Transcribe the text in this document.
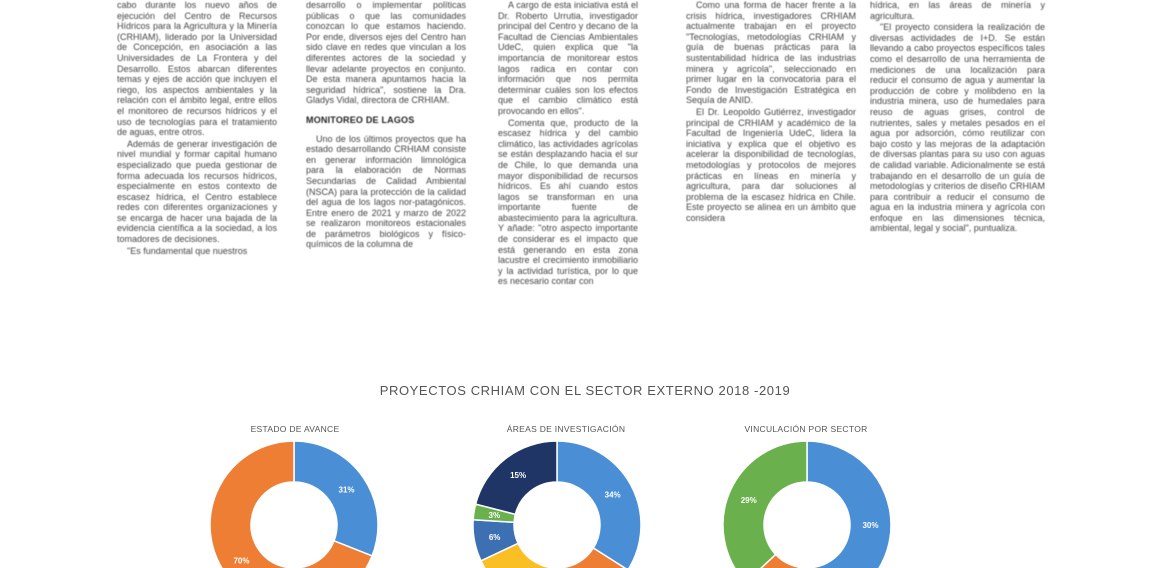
cabo durante los nuevo años de ejecución del Centro de Recursos Hídricos para la Agricultura y la Minería (CRHIAM), liderado por la Universidad de Concepción, en asociación a las Universidades de La Frontera y del Desarrollo. Estos abarcan diferentes temas y ejes de acción que incluyen el riego, los aspectos ambientales y la relación con el ámbito legal, entre ellos el monitoreo de recursos hídricos y el uso de tecnologías para el tratamiento de aguas, entre otros.

Además de generar investigación de nivel mundial y formar capital humano especializado que pueda gestionar de forma adecuada los recursos hídricos, especialmente en estos contexto de escasez hídrica, el Centro establece redes con diferentes organizaciones y se encarga de hacer una bajada de la evidencia científica a la sociedad, a los tomadores de decisiones.

"Es fundamental que nuestros

desarrollo o implementar políticas públicas o que las comunidades conozcan lo que estamos haciendo. Por ende, diversos ejes del Centro han sido clave en redes que vinculan a los diferentes actores de la sociedad y llevar adelante proyectos en conjunto. De esta manera apuntamos hacia la seguridad hídrica", sostiene la Dra. Gladys Vidal, directora de CRHIAM.

MONITOREO DE LAGOS

Uno de los últimos proyectos que ha estado desarrollando CRHIAM consiste en generar información limnológica para la elaboración de Normas Secundarias de Calidad Ambiental (NSCA) para la protección de la calidad del agua de los lagos nor-patagónicos. Entre enero de 2021 y marzo de 2022 se realizaron monitoreos estacionales de parámetros biológicos y físico-químicos de la columna de

A cargo de esta iniciativa está el Dr. Roberto Urrutia, investigador principal del Centro y decano de la Facultad de Ciencias Ambientales UdeC, quien explica que "la importancia de monitorear estos lagos radica en contar con información que nos permita determinar cuáles son los efectos que el cambio climático está provocando en ellos".

Comenta que, producto de la escasez hídrica y del cambio climático, las actividades agrícolas se están desplazando hacia el sur de Chile, lo que demanda una mayor disponibilidad de recursos hídricos. Es ahí cuando estos lagos se transforman en una importante fuente de abastecimiento para la agricultura. Y añade: "otro aspecto importante de considerar es el impacto que está generando en esta zona lacustre el crecimiento inmobiliario y la actividad turística, por lo que es necesario contar con

Como una forma de hacer frente a la crisis hídrica, investigadores CRHIAM actualmente trabajan en el proyecto "Tecnologías, metodologías CRHIAM y guía de buenas prácticas para la sustentabilidad hídrica de las industrias minera y agrícola", seleccionado en primer lugar en la convocatoria para el Fondo de Investigación Estratégica en Sequía de ANID.

El Dr. Leopoldo Gutiérrez, investigador principal de CRHIAM y académico de la Facultad de Ingeniería UdeC, lidera la iniciativa y explica que el objetivo es acelerar la disponibilidad de tecnologías, metodologías y protocolos de mejores prácticas en líneas en minería y agricultura, para dar soluciones al problema de la escasez hídrica en Chile. Este proyecto se alinea en un ámbito que considera

hídrica, en las áreas de minería y agricultura.

"El proyecto considera la realización de diversas actividades de I+D. Se están llevando a cabo proyectos específicos tales como el desarrollo de una herramienta de mediciones de una localización para reducir el consumo de agua y aumentar la producción de cobre y molibdeno en la industria minera, uso de humedales para reuso de aguas grises, control de nutrientes, sales y metales pesados en el agua por adsorción, cómo reutilizar con bajo costo y las mejoras de la adaptación de diversas plantas para su uso con aguas de calidad variable. Adicionalmente se está trabajando en el desarrollo de un guía de metodologías y criterios de diseño CRHIAM para contribuir a reducir el consumo de agua en la industria minera y agrícola con enfoque en las dimensiones técnica, ambiental, legal y social", puntualiza.

PROYECTOS CRHIAM CON EL SECTOR EXTERNO 2018 -2019
ESTADO DE AVANCE	ÁREAS DE INVESTIGACIÓN	VINCULACIÓN POR SECTOR
31%
70%
34%
6%
3%
15%
30%
29%
